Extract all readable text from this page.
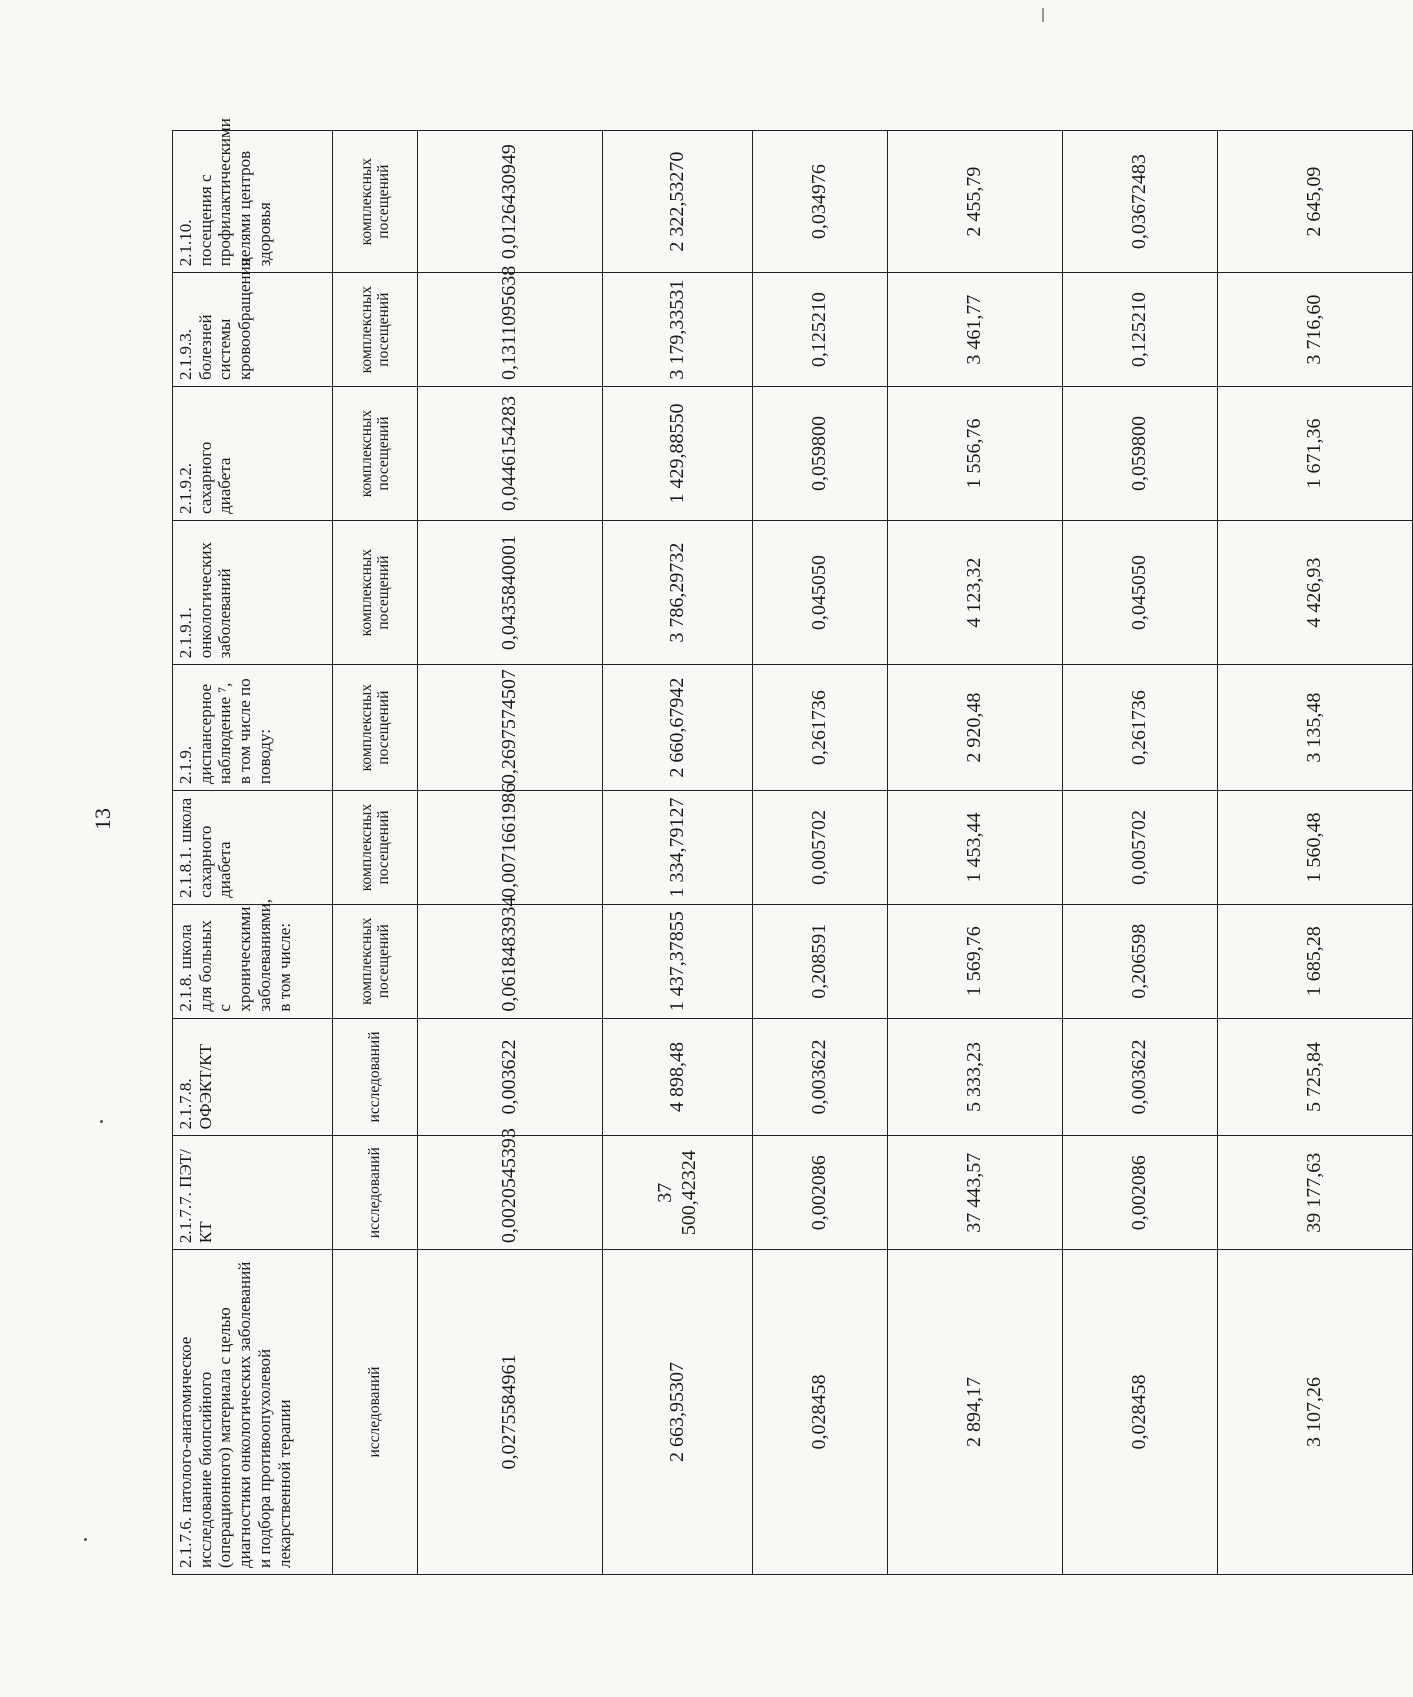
13
2.1.7.6. патолого-анатомическое исследование биопсийного (операционного) материала с целью диагностики онкологических заболеваний и подбора противоопухолевой лекарственной терапии	2.1.7.7. ПЭТ/КТ	2.1.7.8. ОФЭКТ/КТ	2.1.8. школа для больных с хроническими заболеваниями, в том числе:	2.1.8.1. школа сахарного диабета	2.1.9. диспансерное наблюдение ⁷, в том числе по поводу:	2.1.9.1. онкологических заболеваний	2.1.9.2. сахарного диабета	2.1.9.3. болезней системы кровообращения	2.1.10. посещения с профилактическими целями центров здоровья
исследований	исследований	исследований	комплексных посещений	комплексных посещений	комплексных посещений	комплексных посещений	комплексных посещений	комплексных посещений	комплексных посещений
0,0275584961	0,0020545393	0,003622	0,0618483934	0,0071661986	0,2697574507	0,0435840001	0,0446154283	0,1311095638	0,0126430949
2 663,95307	37 500,42324	4 898,48	1 437,37855	1 334,79127	2 660,67942	3 786,29732	1 429,88550	3 179,33531	2 322,53270
0,028458	0,002086	0,003622	0,208591	0,005702	0,261736	0,045050	0,059800	0,125210	0,034976
2 894,17	37 443,57	5 333,23	1 569,76	1 453,44	2 920,48	4 123,32	1 556,76	3 461,77	2 455,79
0,028458	0,002086	0,003622	0,206598	0,005702	0,261736	0,045050	0,059800	0,125210	0,03672483
3 107,26	39 177,63	5 725,84	1 685,28	1 560,48	3 135,48	4 426,93	1 671,36	3 716,60	2 645,09
